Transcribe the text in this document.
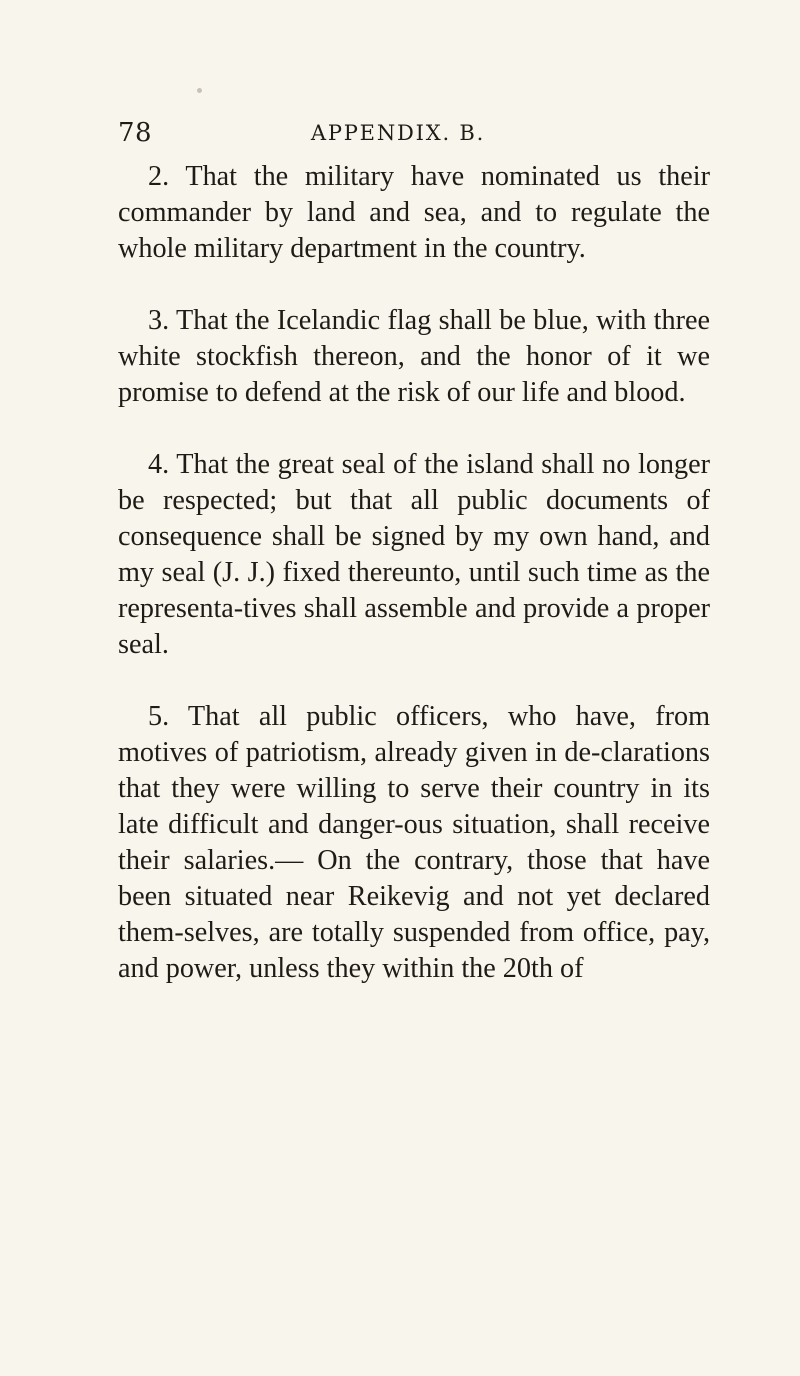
78	APPENDIX. B.

2. That the military have nominated us their commander by land and sea, and to regulate the whole military department in the country.

3. That the Icelandic flag shall be blue, with three white stockfish thereon, and the honor of it we promise to defend at the risk of our life and blood.

4. That the great seal of the island shall no longer be respected; but that all public documents of consequence shall be signed by my own hand, and my seal (J. J.) fixed thereunto, until such time as the representa-tives shall assemble and provide a proper seal.

5. That all public officers, who have, from motives of patriotism, already given in de-clarations that they were willing to serve their country in its late difficult and danger-ous situation, shall receive their salaries.— On the contrary, those that have been situated near Reikevig and not yet declared them-selves, are totally suspended from office, pay, and power, unless they within the 20th of
